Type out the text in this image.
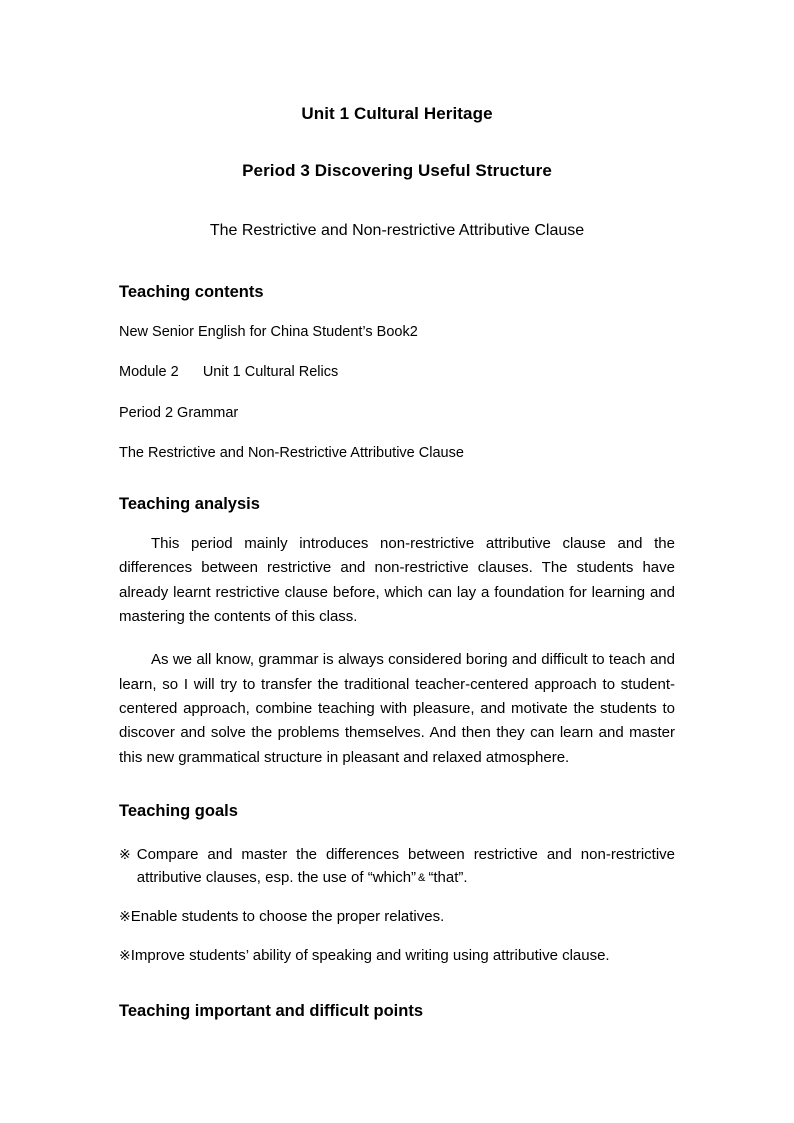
Unit 1 Cultural Heritage
Period 3 Discovering Useful Structure
The Restrictive and Non-restrictive Attributive Clause
Teaching contents
New Senior English for China Student’s Book2
Module 2      Unit 1 Cultural Relics
Period 2 Grammar
The Restrictive and Non-Restrictive Attributive Clause
Teaching analysis

This period mainly introduces non-restrictive attributive clause and the differences between restrictive and non-restrictive clauses. The students have already learnt restrictive clause before, which can lay a foundation for learning and mastering the contents of this class.

As we all know, grammar is always considered boring and difficult to teach and learn, so I will try to transfer the traditional teacher-centered approach to student-centered approach, combine teaching with pleasure, and motivate the students to discover and solve the problems themselves. And then they can learn and master this new grammatical structure in pleasant and relaxed atmosphere.

Teaching goals
※ Compare and master the differences between restrictive and non-restrictive attributive clauses, esp. the use of “which” & “that”.
※ Enable students to choose the proper relatives.
※ Improve students’ ability of speaking and writing using attributive clause.
Teaching important and difficult points
